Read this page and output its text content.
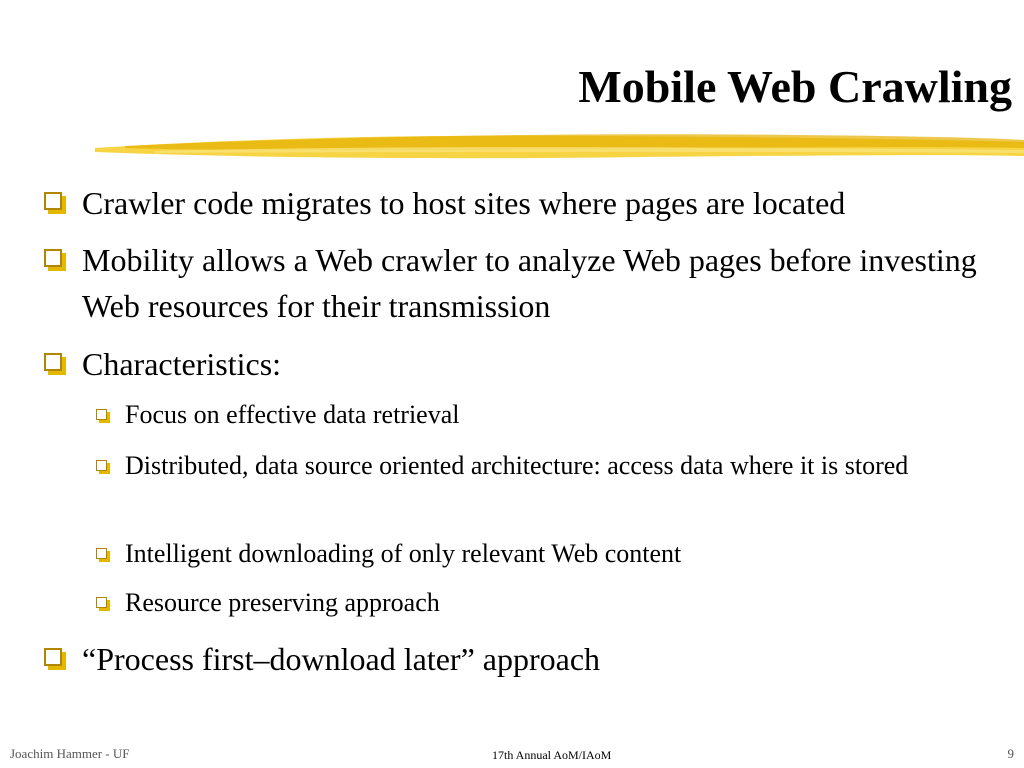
Mobile Web Crawling
Crawler code migrates to host sites where pages are located
Mobility allows a Web crawler to analyze Web pages before investing Web resources for their transmission
Characteristics:
Focus on effective data retrieval
Distributed, data source oriented architecture: access data where it is stored
Intelligent downloading of only relevant Web content
Resource preserving approach
“Process first–download later” approach
Joachim Hammer - UF	17th Annual AoM/IAoM	9
